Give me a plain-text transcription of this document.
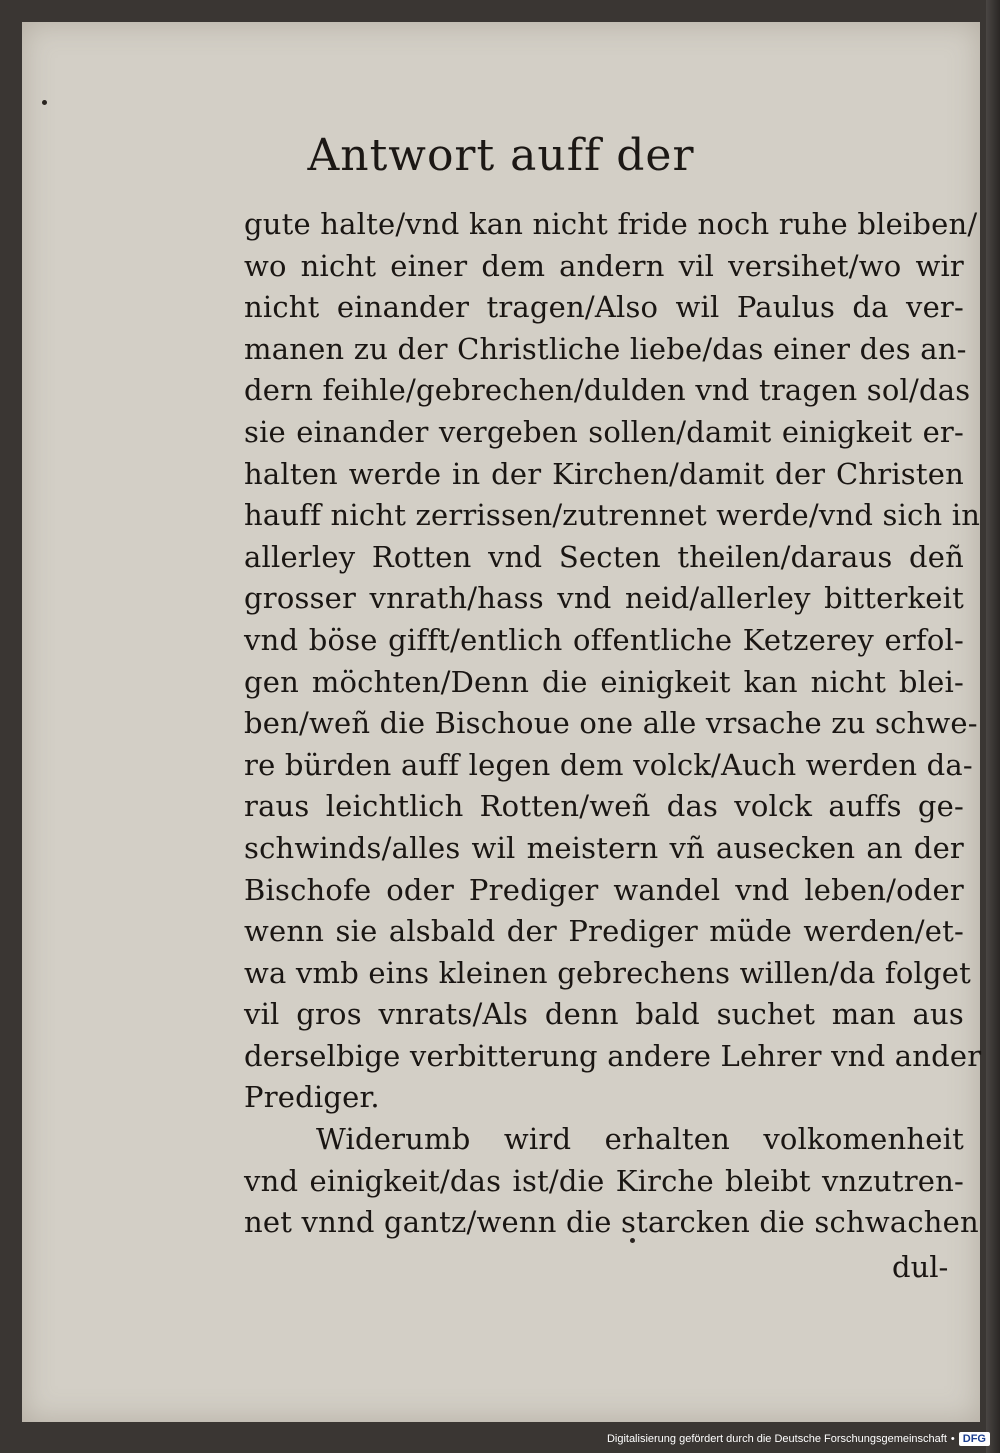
Antwort auff der
gute halte/vnd kan nicht fride noch ruhe bleiben/
wo nicht einer dem andern vil versihet/wo wir
nicht einander tragen/Also wil Paulus da ver-
manen zu der Christliche liebe/das einer des an-
dern feihle/gebrechen/dulden vnd tragen sol/das
sie einander vergeben sollen/damit einigkeit er-
halten werde in der Kirchen/damit der Christen
hauff nicht zerrissen/zutrennet werde/vnd sich in
allerley Rotten vnd Secten theilen/daraus deñ
grosser vnrath/hass vnd neid/allerley bitterkeit
vnd böse gifft/entlich offentliche Ketzerey erfol-
gen möchten/Denn die einigkeit kan nicht blei-
ben/weñ die Bischoue one alle vrsache zu schwe-
re bürden auff legen dem volck/Auch werden da-
raus leichtlich Rotten/weñ das volck auffs ge-
schwinds/alles wil meistern vñ ausecken an der
Bischofe oder Prediger wandel vnd leben/oder
wenn sie alsbald der Prediger müde werden/et-
wa vmb eins kleinen gebrechens willen/da folget
vil gros vnrats/Als denn bald suchet man aus
derselbige verbitterung andere Lehrer vnd ander
Prediger.
Widerumb wird erhalten volkomenheit
vnd einigkeit/das ist/die Kirche bleibt vnzutren-
net vnnd gantz/wenn die starcken die schwachen
dul-
Digitalisierung gefördert durch die Deutsche Forschungsgemeinschaft • DFG
